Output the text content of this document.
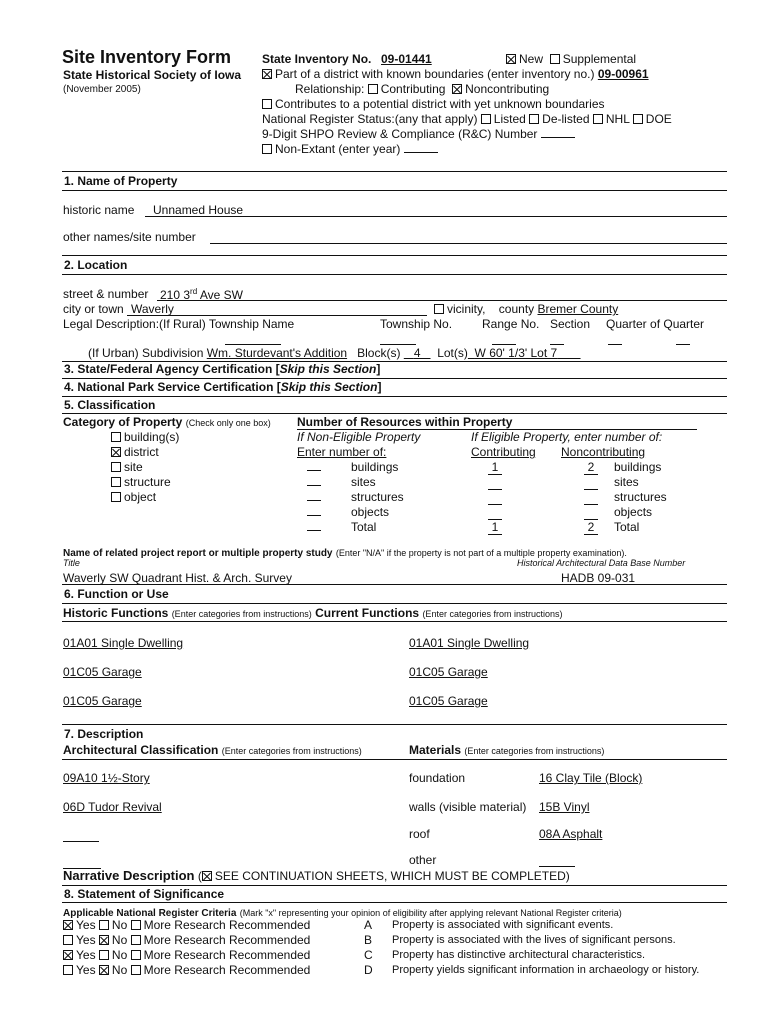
Site Inventory Form
State Historical Society of Iowa
(November 2005)
State Inventory No. 09-01441	New Supplemental
Part of a district with known boundaries (enter inventory no.) 09-00961
Relationship: Contributing Noncontributing
Contributes to a potential district with yet unknown boundaries
National Register Status:(any that apply) Listed De-listed NHL DOE
9-Digit SHPO Review & Compliance (R&C) Number
Non-Extant (enter year)
1. Name of Property
historic name Unnamed House
other names/site number
2. Location
street & number 210 3rd Ave SW
city or town Waverly	vicinity, county Bremer County
Legal Description:(If Rural) Township Name	Township No. Range No. Section Quarter of Quarter
(If Urban) Subdivision Wm. Sturdevant's Addition Block(s) 4 Lot(s) W 60' 1/3' Lot 7
3. State/Federal Agency Certification [Skip this Section]
4. National Park Service Certification [Skip this Section]
5. Classification
Category of Property (Check only one box)
building(s)
district
site
structure
object
Number of Resources within Property
If Non-Eligible Property
Enter number of:
If Eligible Property, enter number of:
Contributing Noncontributing
buildings	1	2	buildings
sites	sites
structures	structures
objects	objects
Total	1	2	Total
Name of related project report or multiple property study (Enter "N/A" if the property is not part of a multiple property examination).
Title	Historical Architectural Data Base Number
Waverly SW Quadrant Hist. & Arch. Survey	HADB 09-031
6. Function or Use
Historic Functions (Enter categories from instructions) Current Functions (Enter categories from instructions)
01A01 Single Dwelling	01A01 Single Dwelling
01C05 Garage	01C05 Garage
01C05 Garage	01C05 Garage
7. Description
Architectural Classification (Enter categories from instructions)	Materials (Enter categories from instructions)
09A10 1½-Story
06D Tudor Revival
foundation	16 Clay Tile (Block)
walls (visible material) 15B Vinyl
roof	08A Asphalt
other
Narrative Description ( SEE CONTINUATION SHEETS, WHICH MUST BE COMPLETED)
8. Statement of Significance
Applicable National Register Criteria (Mark "x" representing your opinion of eligibility after applying relevant National Register criteria)
Yes No More Research Recommended	A Property is associated with significant events.
Yes No More Research Recommended	B Property is associated with the lives of significant persons.
Yes No More Research Recommended	C Property has distinctive architectural characteristics.
Yes No More Research Recommended	D Property yields significant information in archaeology or history.
